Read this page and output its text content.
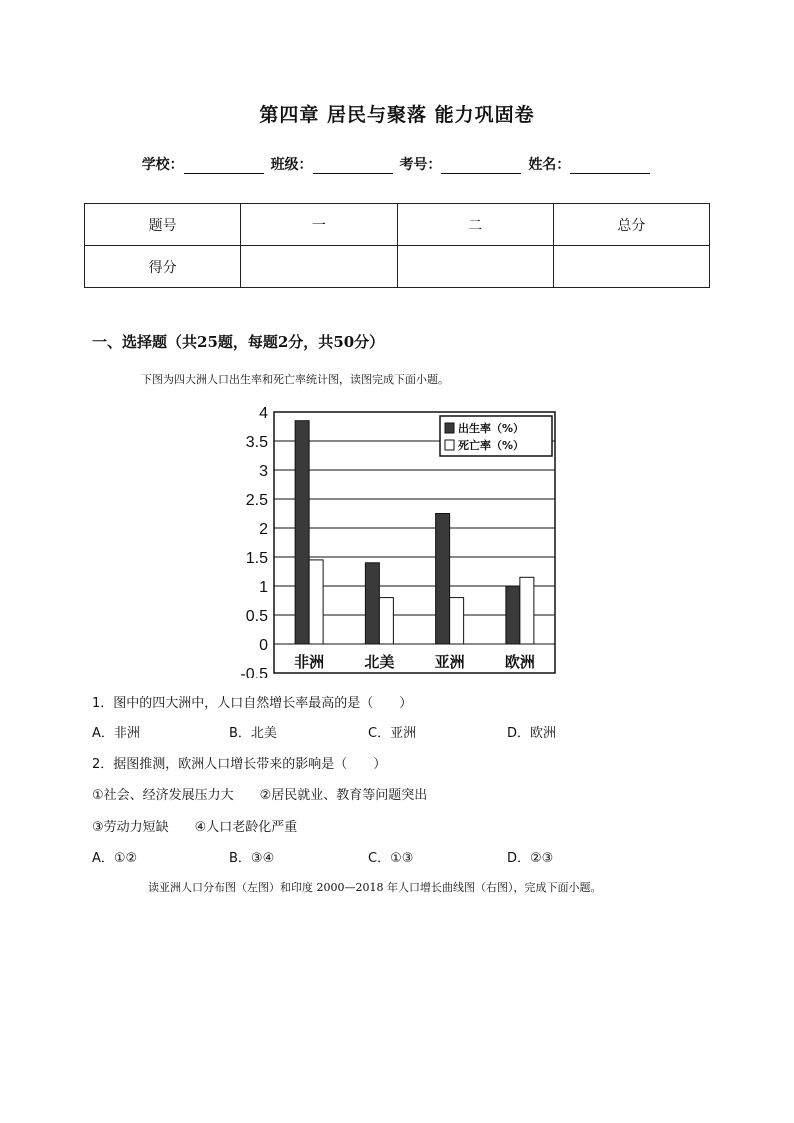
第四章 居民与聚落 能力巩固卷
学校：	班级：	考号：	姓名：
题号	一	二	总分
得分			
一、选择题（共25题，每题2分，共50分）
下图为四大洲人口出生率和死亡率统计图，读图完成下面小题。
4
3.5
3
2.5
2
1.5
1
0.5
0
-0.5
非洲	北美	亚洲	欧洲
出生率（%）
死亡率（%）
1．图中的四大洲中，人口自然增长率最高的是（　　）
A．非洲	B．北美	C．亚洲	D．欧洲
2．据图推测，欧洲人口增长带来的影响是（　　）
①社会、经济发展压力大　　②居民就业、教育等问题突出
③劳动力短缺　　④人口老龄化严重
A．①②	B．③④	C．①③	D．②③
读亚洲人口分布图（左图）和印度 2000—2018 年人口增长曲线图（右图），完成下面小题。
